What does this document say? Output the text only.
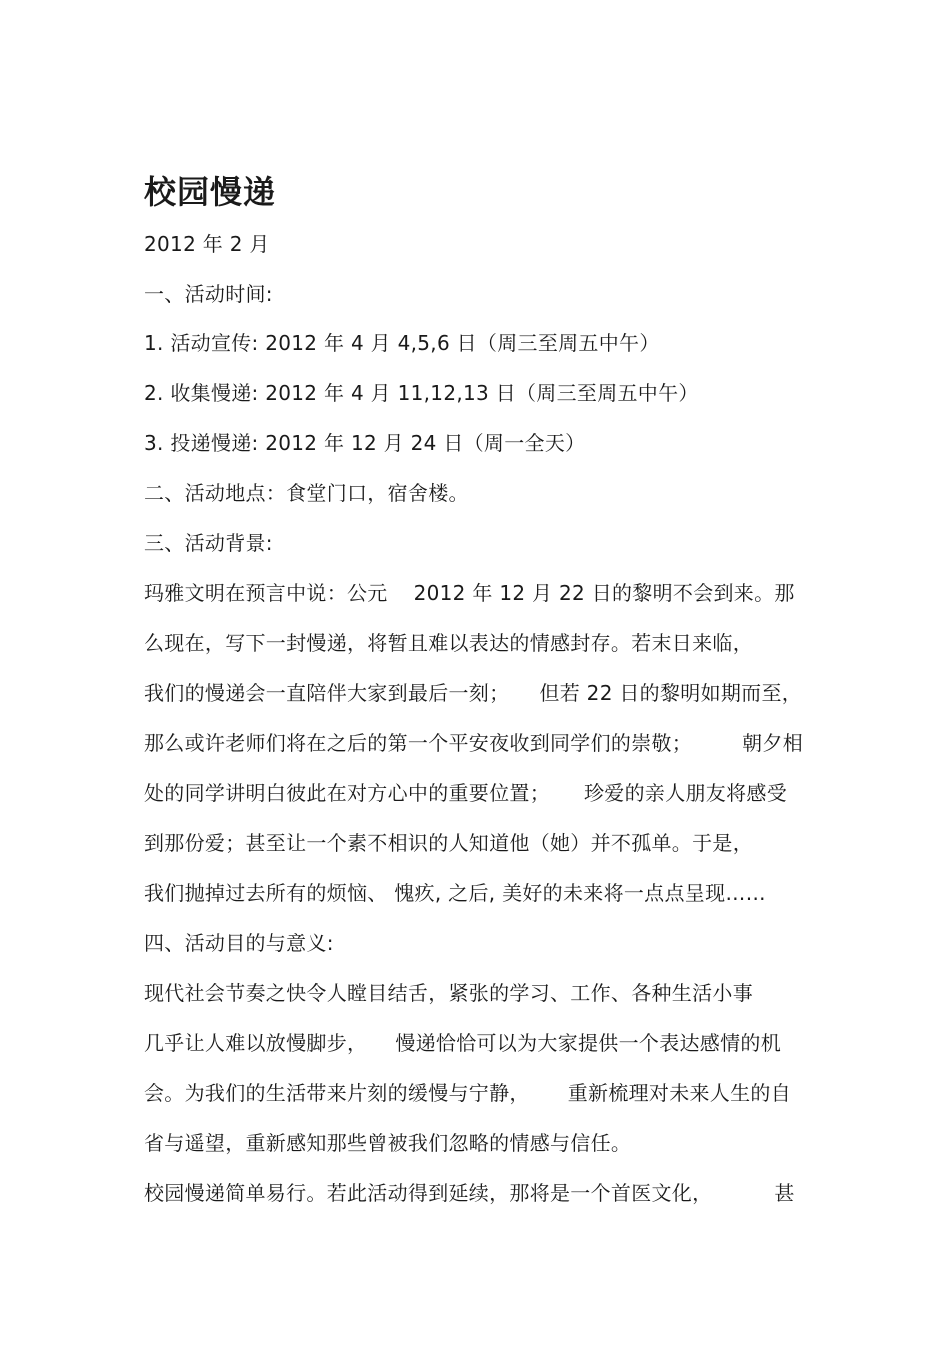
校园慢递

2012 年 2 月

一、活动时间:

1. 活动宣传: 2012 年 4 月 4,5,6 日（周三至周五中午）

2. 收集慢递: 2012 年 4 月 11,12,13 日（周三至周五中午）

3. 投递慢递: 2012 年 12 月 24 日（周一全天）

二、活动地点：食堂门口，宿舍楼。

三、活动背景:

玛雅文明在预言中说：公元 2012 年 12 月 22 日的黎明不会到来。那

么现在，写下一封慢递，将暂且难以表达的情感封存。若末日来临，

我们的慢递会一直陪伴大家到最后一刻； 但若 22 日的黎明如期而至，

那么或许老师们将在之后的第一个平安夜收到同学们的崇敬；	朝夕相

处的同学讲明白彼此在对方心中的重要位置； 珍爱的亲人朋友将感受

到那份爱；甚至让一个素不相识的人知道他（她）并不孤单。于是，

我们抛掉过去所有的烦恼、 愧疚, 之后, 美好的未来将一点点呈现……

四、活动目的与意义:

现代社会节奏之快令人瞠目结舌，紧张的学习、工作、各种生活小事

几乎让人难以放慢脚步， 慢递恰恰可以为大家提供一个表达感情的机

会。为我们的生活带来片刻的缓慢与宁静， 重新梳理对未来人生的自

省与遥望，重新感知那些曾被我们忽略的情感与信任。

校园慢递简单易行。若此活动得到延续，那将是一个首医文化，	甚
